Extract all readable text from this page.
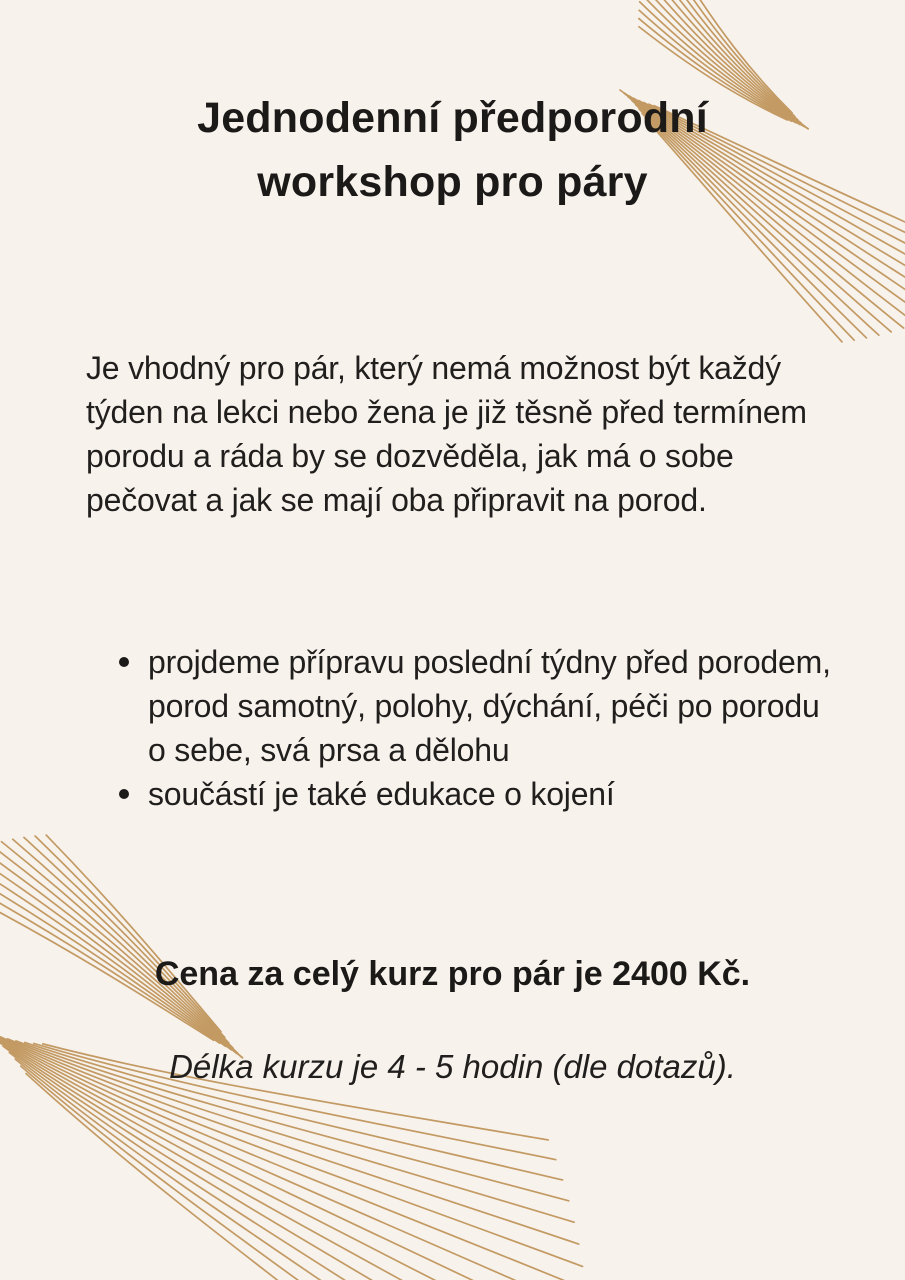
Jednodenní předporodní workshop pro páry

Je vhodný pro pár, který nemá možnost být každý týden na lekci nebo žena je již těsně před termínem porodu a ráda by se dozvěděla, jak má o sobe pečovat a jak se mají oba připravit na porod.

projdeme přípravu poslední týdny před porodem, porod samotný, polohy, dýchání, péči po porodu o sebe, svá prsa a dělohu
součástí je také edukace o kojení

Cena za celý kurz pro pár je 2400 Kč.

Délka kurzu je 4 - 5 hodin (dle dotazů).
